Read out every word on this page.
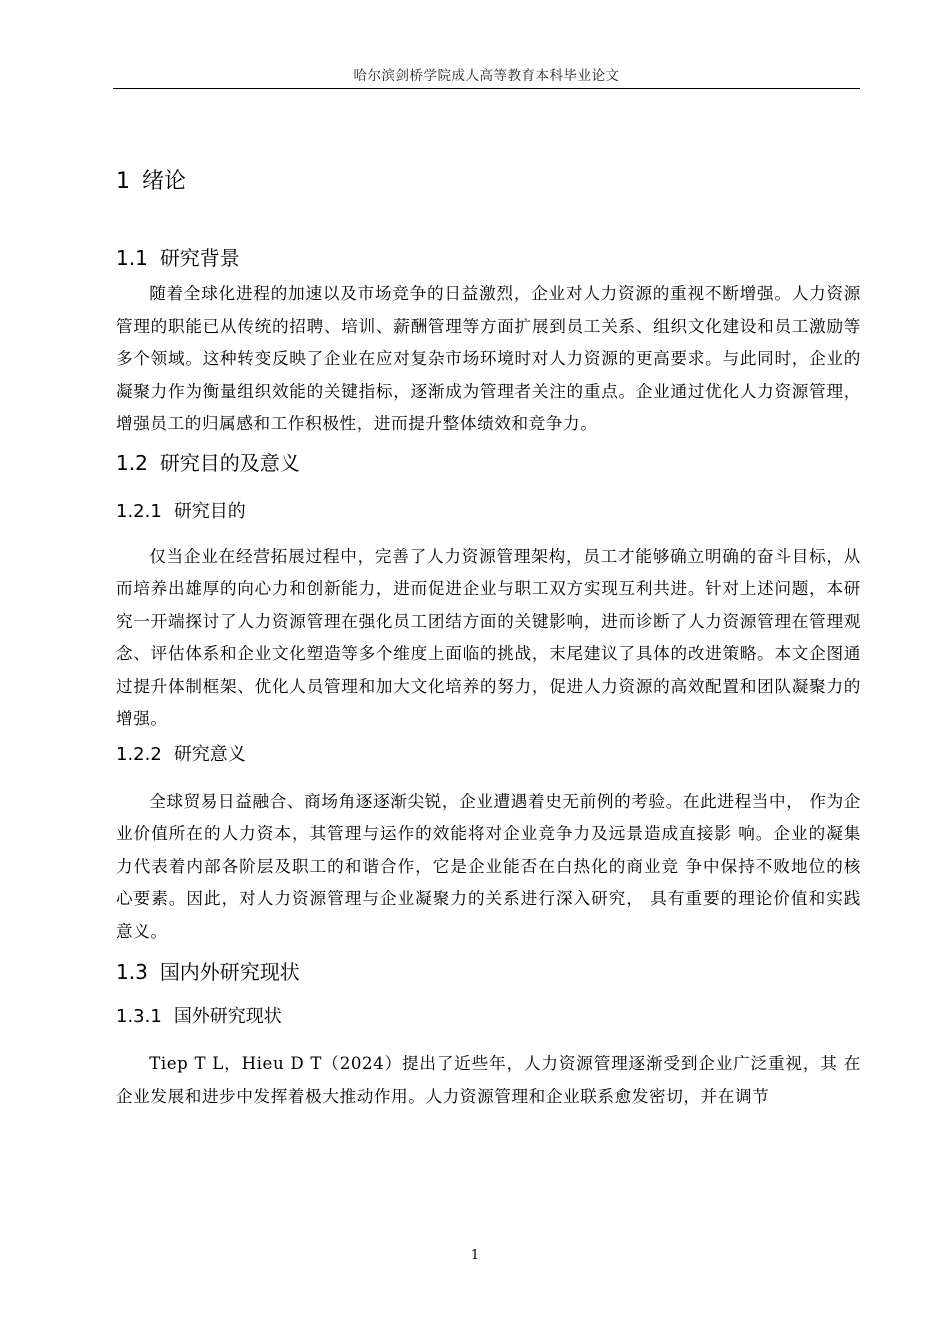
哈尔滨剑桥学院成人高等教育本科毕业论文
1 绪论
1.1 研究背景

随着全球化进程的加速以及市场竞争的日益激烈，企业对人力资源的重视不断增强。人力资源管理的职能已从传统的招聘、培训、薪酬管理等方面扩展到员工关系、组织文化建设和员工激励等多个领域。这种转变反映了企业在应对复杂市场环境时对人力资源的更高要求。与此同时，企业的凝聚力作为衡量组织效能的关键指标，逐渐成为管理者关注的重点。企业通过优化人力资源管理，增强员工的归属感和工作积极性，进而提升整体绩效和竞争力。

1.2 研究目的及意义
1.2.1 研究目的

仅当企业在经营拓展过程中，完善了人力资源管理架构，员工才能够确立明确的奋斗目标，从而培养出雄厚的向心力和创新能力，进而促进企业与职工双方实现互利共进。针对上述问题，本研究一开端探讨了人力资源管理在强化员工团结方面的关键影响，进而诊断了人力资源管理在管理观念、评估体系和企业文化塑造等多个维度上面临的挑战，末尾建议了具体的改进策略。本文企图通过提升体制框架、优化人员管理和加大文化培养的努力，促进人力资源的高效配置和团队凝聚力的增强。

1.2.2 研究意义

全球贸易日益融合、商场角逐逐渐尖锐，企业遭遇着史无前例的考验。在此进程当中， 作为企业价值所在的人力资本，其管理与运作的效能将对企业竞争力及远景造成直接影 响。企业的凝集力代表着内部各阶层及职工的和谐合作，它是企业能否在白热化的商业竞 争中保持不败地位的核心要素。因此，对人力资源管理与企业凝聚力的关系进行深入研究， 具有重要的理论价值和实践意义。

1.3 国内外研究现状
1.3.1 国外研究现状

Tiep T L，Hieu D T（2024）提出了近些年，人力资源管理逐渐受到企业广泛重视，其 在企业发展和进步中发挥着极大推动作用。人力资源管理和企业联系愈发密切，并在调节

1
